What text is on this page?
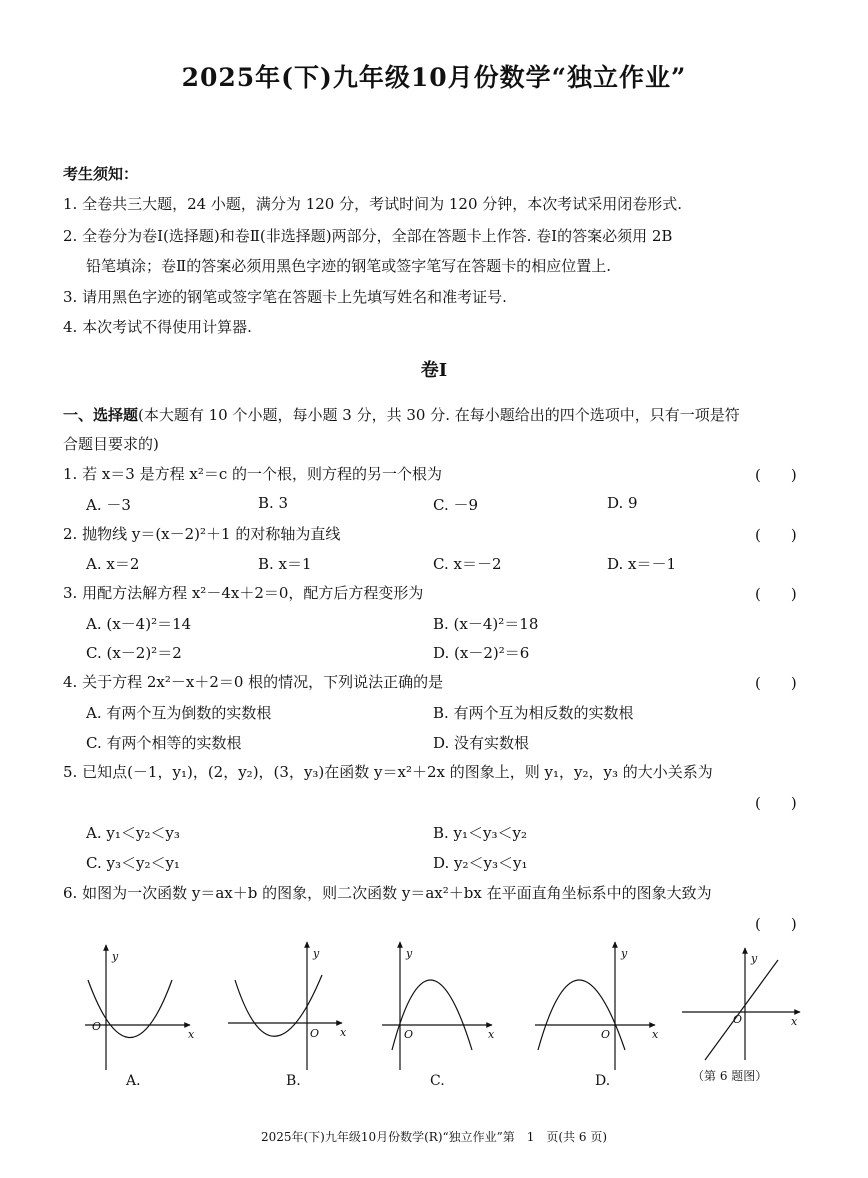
2025年(下)九年级10月份数学“独立作业”
考生须知：
1. 全卷共三大题，24 小题，满分为 120 分，考试时间为 120 分钟，本次考试采用闭卷形式.
2. 全卷分为卷Ⅰ(选择题)和卷Ⅱ(非选择题)两部分，全部在答题卡上作答. 卷Ⅰ的答案必须用 2B
铅笔填涂；卷Ⅱ的答案必须用黑色字迹的钢笔或签字笔写在答题卡的相应位置上.
3. 请用黑色字迹的钢笔或签字笔在答题卡上先填写姓名和准考证号.
4. 本次考试不得使用计算器.
卷Ⅰ
一、选择题(本大题有 10 个小题，每小题 3 分，共 30 分. 在每小题给出的四个选项中，只有一项是符
合题目要求的)
1. 若 x＝3 是方程 x²＝c 的一个根，则方程的另一个根为	(　　)
A. －3	B. 3	C. －9	D. 9
2. 抛物线 y＝(x－2)²＋1 的对称轴为直线	(　　)
A. x＝2	B. x＝1	C. x＝－2	D. x＝－1
3. 用配方法解方程 x²－4x＋2＝0，配方后方程变形为	(　　)
A. (x－4)²＝14	B. (x－4)²＝18
C. (x－2)²＝2	D. (x－2)²＝6
4. 关于方程 2x²－x＋2＝0 根的情况，下列说法正确的是	(　　)
A. 有两个互为倒数的实数根	B. 有两个互为相反数的实数根
C. 有两个相等的实数根	D. 没有实数根
5. 已知点(－1，y₁)，(2，y₂)，(3，y₃)在函数 y＝x²＋2x 的图象上，则 y₁，y₂，y₃ 的大小关系为
(　　)
A. y₁＜y₂＜y₃	B. y₁＜y₃＜y₂
C. y₃＜y₂＜y₁	D. y₂＜y₃＜y₁
6. 如图为一次函数 y＝ax＋b 的图象，则二次函数 y＝ax²＋bx 在平面直角坐标系中的图象大致为
(　　)
y
x
O
y
x
O
y
x
O
y
x
O
y
x
O
A.	B.	C.	D.	（第 6 题图）
2025年(下)九年级10月份数学(R)“独立作业”第　1　页(共 6 页)
